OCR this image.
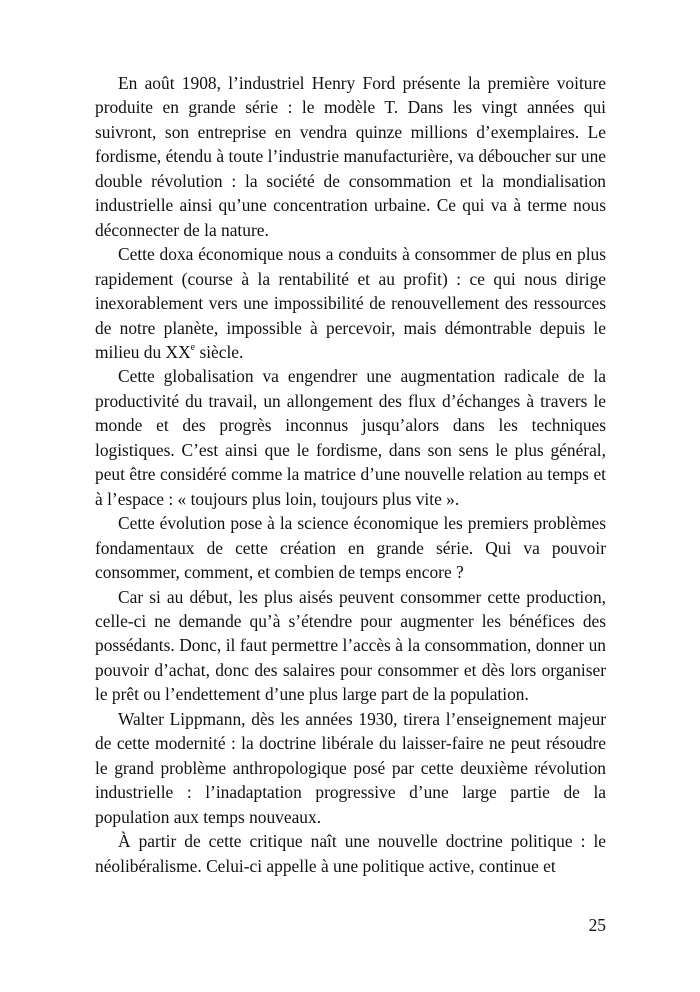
En août 1908, l’industriel Henry Ford présente la première voiture produite en grande série : le modèle T. Dans les vingt années qui suivront, son entreprise en vendra quinze millions d’exemplaires. Le fordisme, étendu à toute l’industrie manufacturière, va déboucher sur une double révolution : la société de consommation et la mondialisation industrielle ainsi qu’une concentration urbaine. Ce qui va à terme nous déconnecter de la nature.

Cette doxa économique nous a conduits à consommer de plus en plus rapidement (course à la rentabilité et au profit) : ce qui nous dirige inexorablement vers une impossibilité de renouvellement des ressources de notre planète, impossible à percevoir, mais démontrable depuis le milieu du XXe siècle.

Cette globalisation va engendrer une augmentation radicale de la productivité du travail, un allongement des flux d’échanges à travers le monde et des progrès inconnus jusqu’alors dans les techniques logistiques. C’est ainsi que le fordisme, dans son sens le plus général, peut être considéré comme la matrice d’une nouvelle relation au temps et à l’espace : « toujours plus loin, toujours plus vite ».

Cette évolution pose à la science économique les premiers problèmes fondamentaux de cette création en grande série. Qui va pouvoir consommer, comment, et combien de temps encore ?

Car si au début, les plus aisés peuvent consommer cette production, celle-ci ne demande qu’à s’étendre pour augmenter les bénéfices des possédants. Donc, il faut permettre l’accès à la consommation, donner un pouvoir d’achat, donc des salaires pour consommer et dès lors organiser le prêt ou l’endettement d’une plus large part de la population.

Walter Lippmann, dès les années 1930, tirera l’enseignement majeur de cette modernité : la doctrine libérale du laisser-faire ne peut résoudre le grand problème anthropologique posé par cette deuxième révolution industrielle : l’inadaptation progressive d’une large partie de la population aux temps nouveaux.

À partir de cette critique naît une nouvelle doctrine politique : le néolibéralisme. Celui-ci appelle à une politique active, continue et

25
